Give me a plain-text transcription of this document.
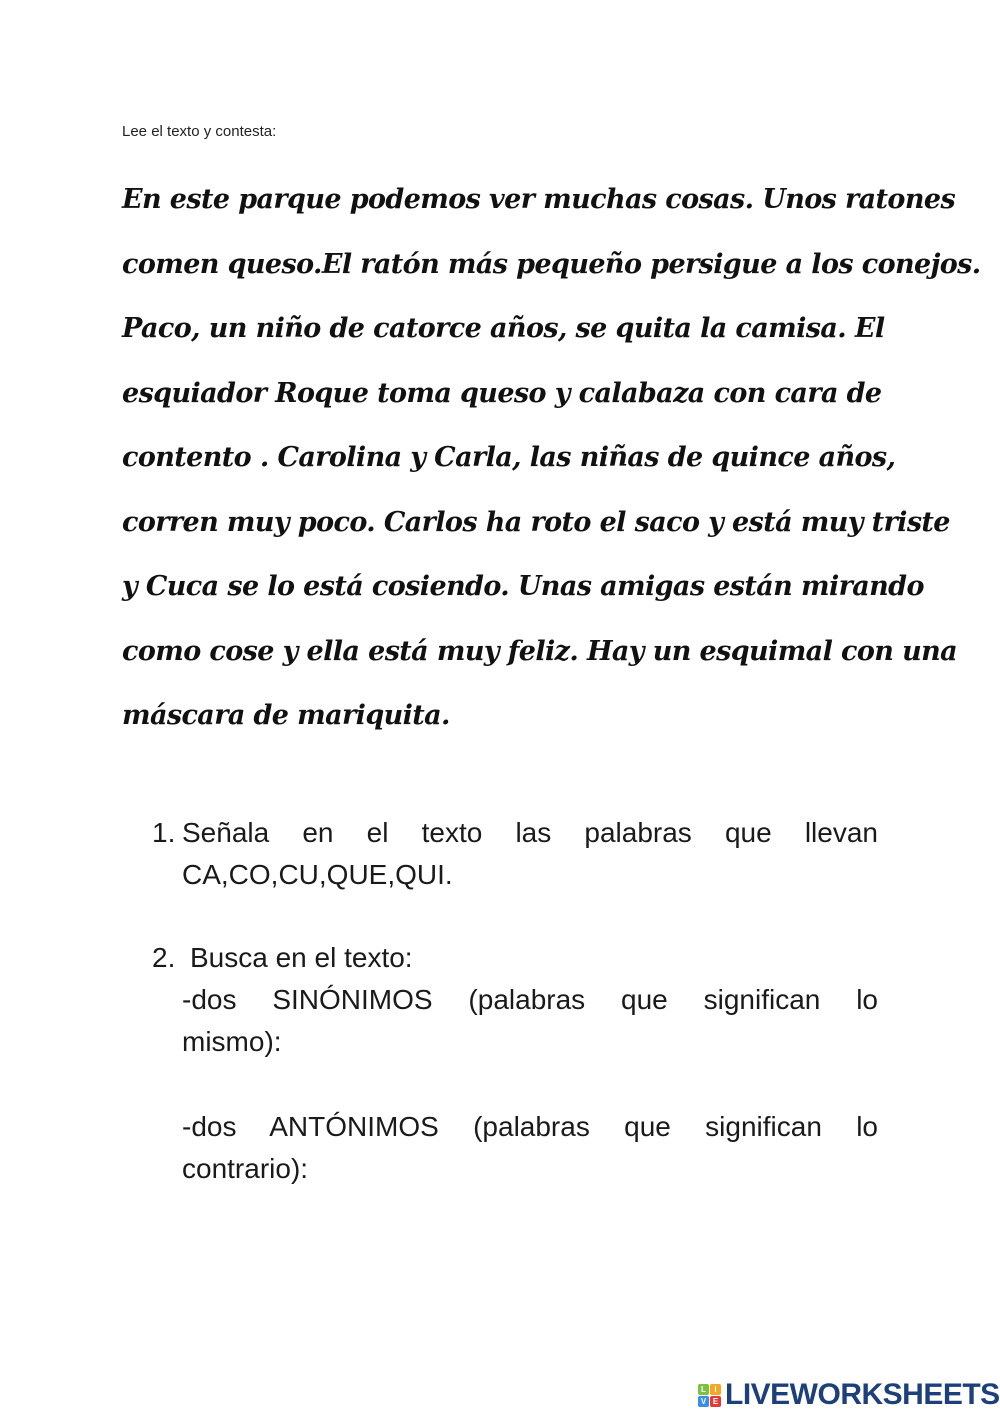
Lee el texto y contesta:
En este parque podemos ver muchas cosas. Unos ratones
comen queso.El ratón más pequeño persigue a los conejos.
Paco, un niño de catorce años, se quita la camisa. El
esquiador Roque toma queso y calabaza con cara de
contento . Carolina y Carla, las niñas de quince años,
corren muy poco. Carlos ha roto el saco y está muy triste
y Cuca se lo está cosiendo. Unas amigas están mirando
como cose y ella está muy feliz. Hay un esquimal con una
máscara de mariquita.
1. Señala en el texto las palabras que llevan
CA,CO,CU,QUE,QUI.
2. Busca en el texto:
-dos SINÓNIMOS (palabras que significan lo
mismo):
-dos ANTÓNIMOS (palabras que significan lo
contrario):
L	I
V E LIVEWORKSHEETS
